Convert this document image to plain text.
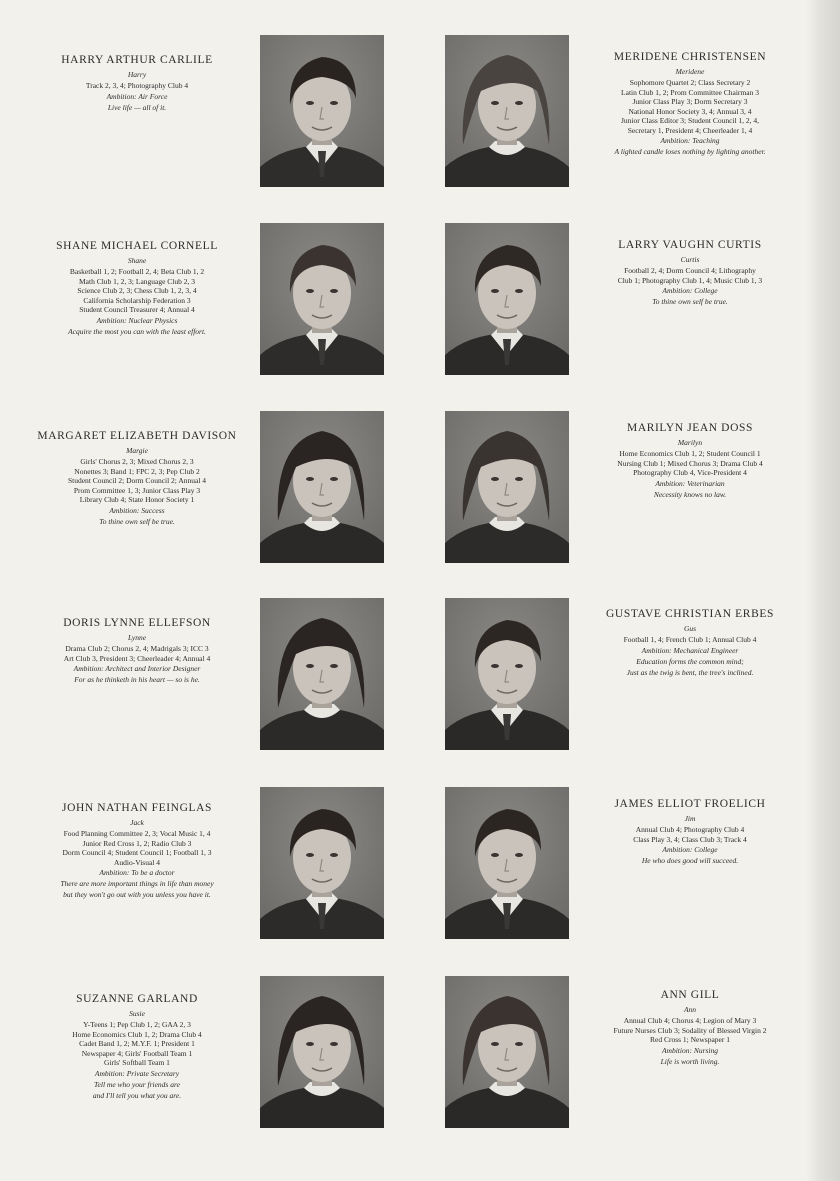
HARRY ARTHUR CARLILE

Harry

Track 2, 3, 4; Photography Club 4

Ambition: Air Force

Live life — all of it.

MERIDENE CHRISTENSEN

Meridene

Sophomore Quartet 2; Class Secretary 2

Latin Club 1, 2; Prom Committee Chairman 3

Junior Class Play 3; Dorm Secretary 3

National Honor Society 3, 4; Annual 3, 4

Junior Class Editor 3; Student Council 1, 2, 4,

Secretary 1, President 4; Cheerleader 1, 4

Ambition: Teaching

A lighted candle loses nothing by lighting another.

SHANE MICHAEL CORNELL

Shane

Basketball 1, 2; Football 2, 4; Beta Club 1, 2

Math Club 1, 2, 3; Language Club 2, 3

Science Club 2, 3; Chess Club 1, 2, 3, 4

California Scholarship Federation 3

Student Council Treasurer 4; Annual 4

Ambition: Nuclear Physics

Acquire the most you can with the least effort.

LARRY VAUGHN CURTIS

Curtis

Football 2, 4; Dorm Council 4; Lithography

Club 1; Photography Club 1, 4; Music Club 1, 3

Ambition: College

To thine own self be true.

MARGARET ELIZABETH DAVISON

Margie

Girls' Chorus 2, 3; Mixed Chorus 2, 3

Nonettes 3; Band 1; FPC 2, 3; Pep Club 2

Student Council 2; Dorm Council 2; Annual 4

Prom Committee 1, 3; Junior Class Play 3

Library Club 4; State Honor Society 1

Ambition: Success

To thine own self be true.

MARILYN JEAN DOSS

Marilyn

Home Economics Club 1, 2; Student Council 1

Nursing Club 1; Mixed Chorus 3; Drama Club 4

Photography Club 4, Vice-President 4

Ambition: Veterinarian

Necessity knows no law.

DORIS LYNNE ELLEFSON

Lynne

Drama Club 2; Chorus 2, 4; Madrigals 3; ICC 3

Art Club 3, President 3; Cheerleader 4; Annual 4

Ambition: Architect and Interior Designer

For as he thinketh in his heart — so is he.

GUSTAVE CHRISTIAN ERBES

Gus

Football 1, 4; French Club 1; Annual Club 4

Ambition: Mechanical Engineer

Education forms the common mind;

Just as the twig is bent, the tree's inclined.

JOHN NATHAN FEINGLAS

Jack

Food Planning Committee 2, 3; Vocal Music 1, 4

Junior Red Cross 1, 2; Radio Club 3

Dorm Council 4; Student Council 1; Football 1, 3

Audio-Visual 4

Ambition: To be a doctor

There are more important things in life than money

but they won't go out with you unless you have it.

JAMES ELLIOT FROELICH

Jim

Annual Club 4; Photography Club 4

Class Play 3, 4; Class Club 3; Track 4

Ambition: College

He who does good will succeed.

SUZANNE GARLAND

Susie

Y-Teens 1; Pep Club 1, 2; GAA 2, 3

Home Economics Club 1, 2; Drama Club 4

Cadet Band 1, 2; M.Y.F. 1; President 1

Newspaper 4; Girls' Football Team 1

Girls' Softball Team 1

Ambition: Private Secretary

Tell me who your friends are

and I'll tell you what you are.

ANN GILL

Ann

Annual Club 4; Chorus 4; Legion of Mary 3

Future Nurses Club 3; Sodality of Blessed Virgin 2

Red Cross 1; Newspaper 1

Ambition: Nursing

Life is worth living.
